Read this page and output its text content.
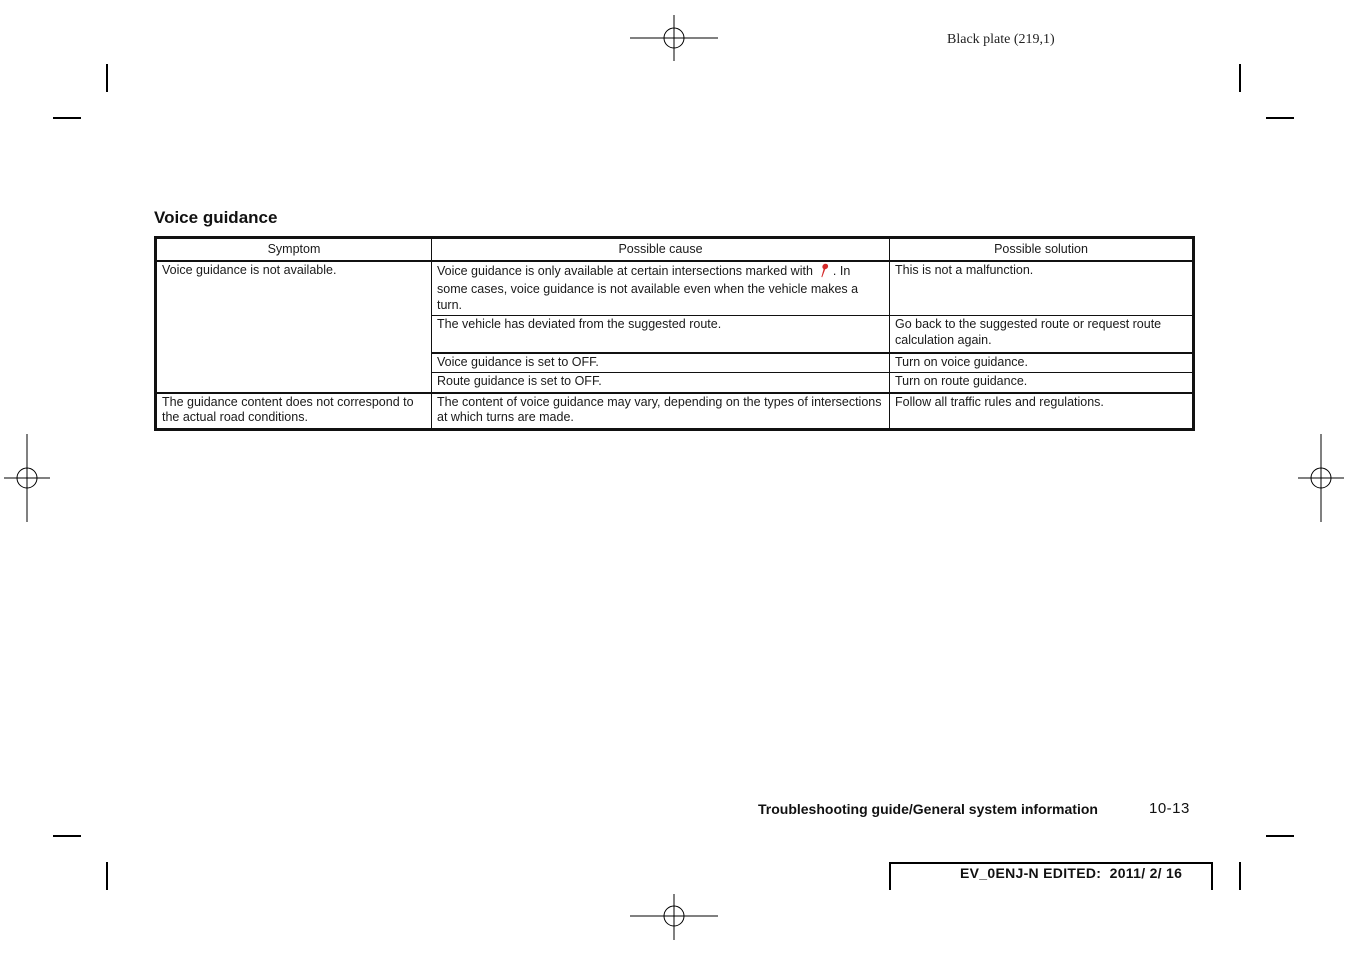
Black plate (219,1)
Voice guidance
Symptom	Possible cause	Possible solution
Voice guidance is not available.	Voice guidance is only available at certain intersections marked with . In some cases, voice guidance is not available even when the vehicle makes a turn.	This is not a malfunction.
	The vehicle has deviated from the suggested route.	Go back to the suggested route or request route calculation again.
	Voice guidance is set to OFF.	Turn on voice guidance.
	Route guidance is set to OFF.	Turn on route guidance.
The guidance content does not correspond to the actual road conditions.	The content of voice guidance may vary, depending on the types of intersections at which turns are made.	Follow all traffic rules and regulations.
Troubleshooting guide/General system information	10-13
EV_0ENJ-N EDITED:  2011/ 2/ 16
